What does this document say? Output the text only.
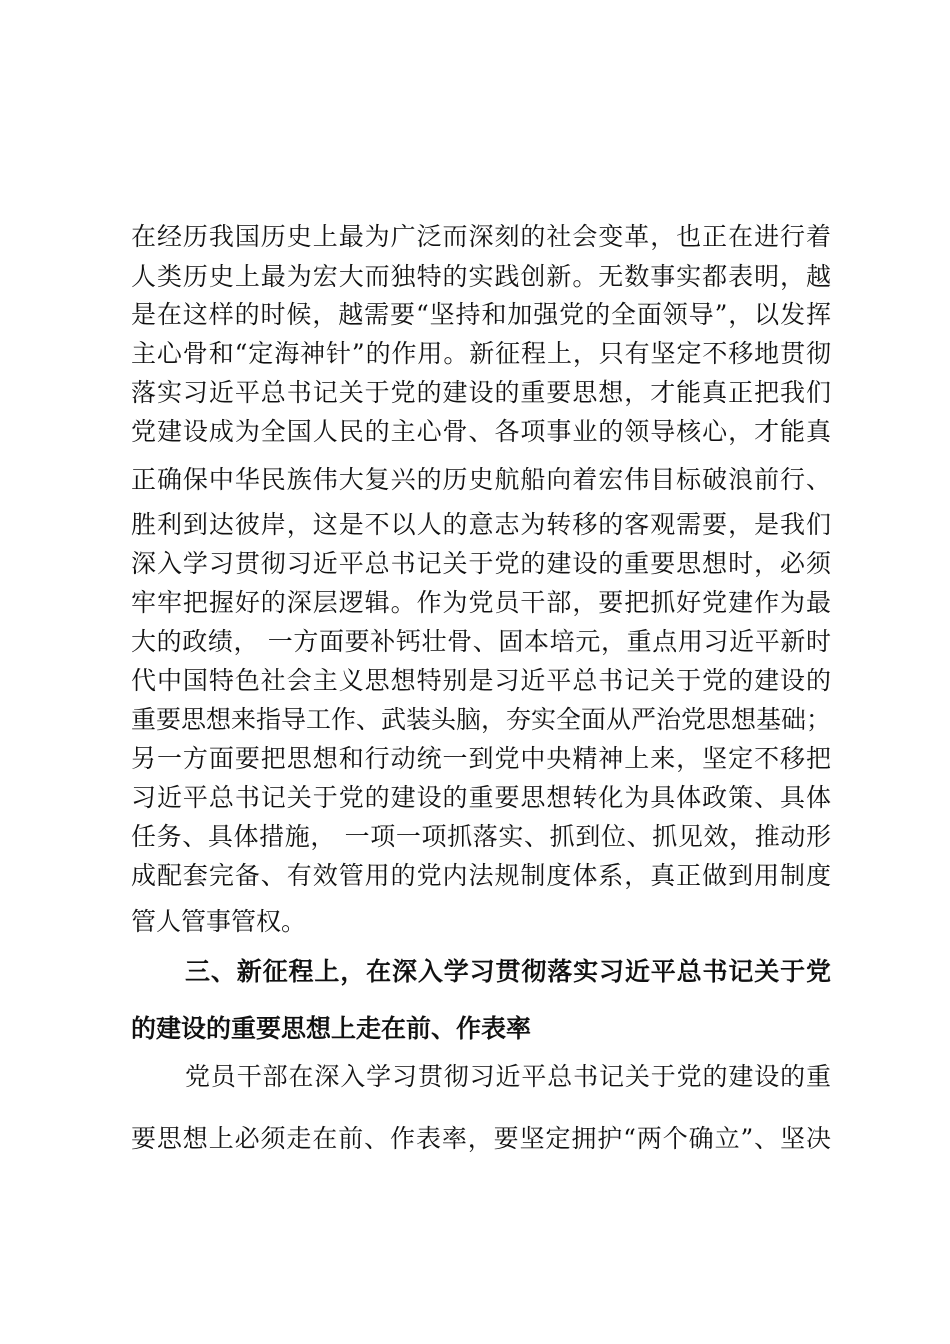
在经历我国历史上最为广泛而深刻的社会变革，也正在进行着

人类历史上最为宏大而独特的实践创新。无数事实都表明，越

是在这样的时候，越需要“坚持和加强党的全面领导”，以发挥

主心骨和“定海神针”的作用。新征程上，只有坚定不移地贯彻

落实习近平总书记关于党的建设的重要思想，才能真正把我们

党建设成为全国人民的主心骨、各项事业的领导核心，才能真

正确保中华民族伟大复兴的历史航船向着宏伟目标破浪前行、

胜利到达彼岸，这是不以人的意志为转移的客观需要，是我们

深入学习贯彻习近平总书记关于党的建设的重要思想时，必须

牢牢把握好的深层逻辑。作为党员干部，要把抓好党建作为最

大的政绩， 一方面要补钙壮骨、固本培元，重点用习近平新时

代中国特色社会主义思想特别是习近平总书记关于党的建设的

重要思想来指导工作、武装头脑，夯实全面从严治党思想基础；

另一方面要把思想和行动统一到党中央精神上来，坚定不移把

习近平总书记关于党的建设的重要思想转化为具体政策、具体

任务、具体措施， 一项一项抓落实、抓到位、抓见效，推动形

成配套完备、有效管用的党内法规制度体系，真正做到用制度

管人管事管权。

三、新征程上，在深入学习贯彻落实习近平总书记关于党

的建设的重要思想上走在前、作表率

党员干部在深入学习贯彻习近平总书记关于党的建设的重

要思想上必须走在前、作表率，要坚定拥护“两个确立”、坚决
